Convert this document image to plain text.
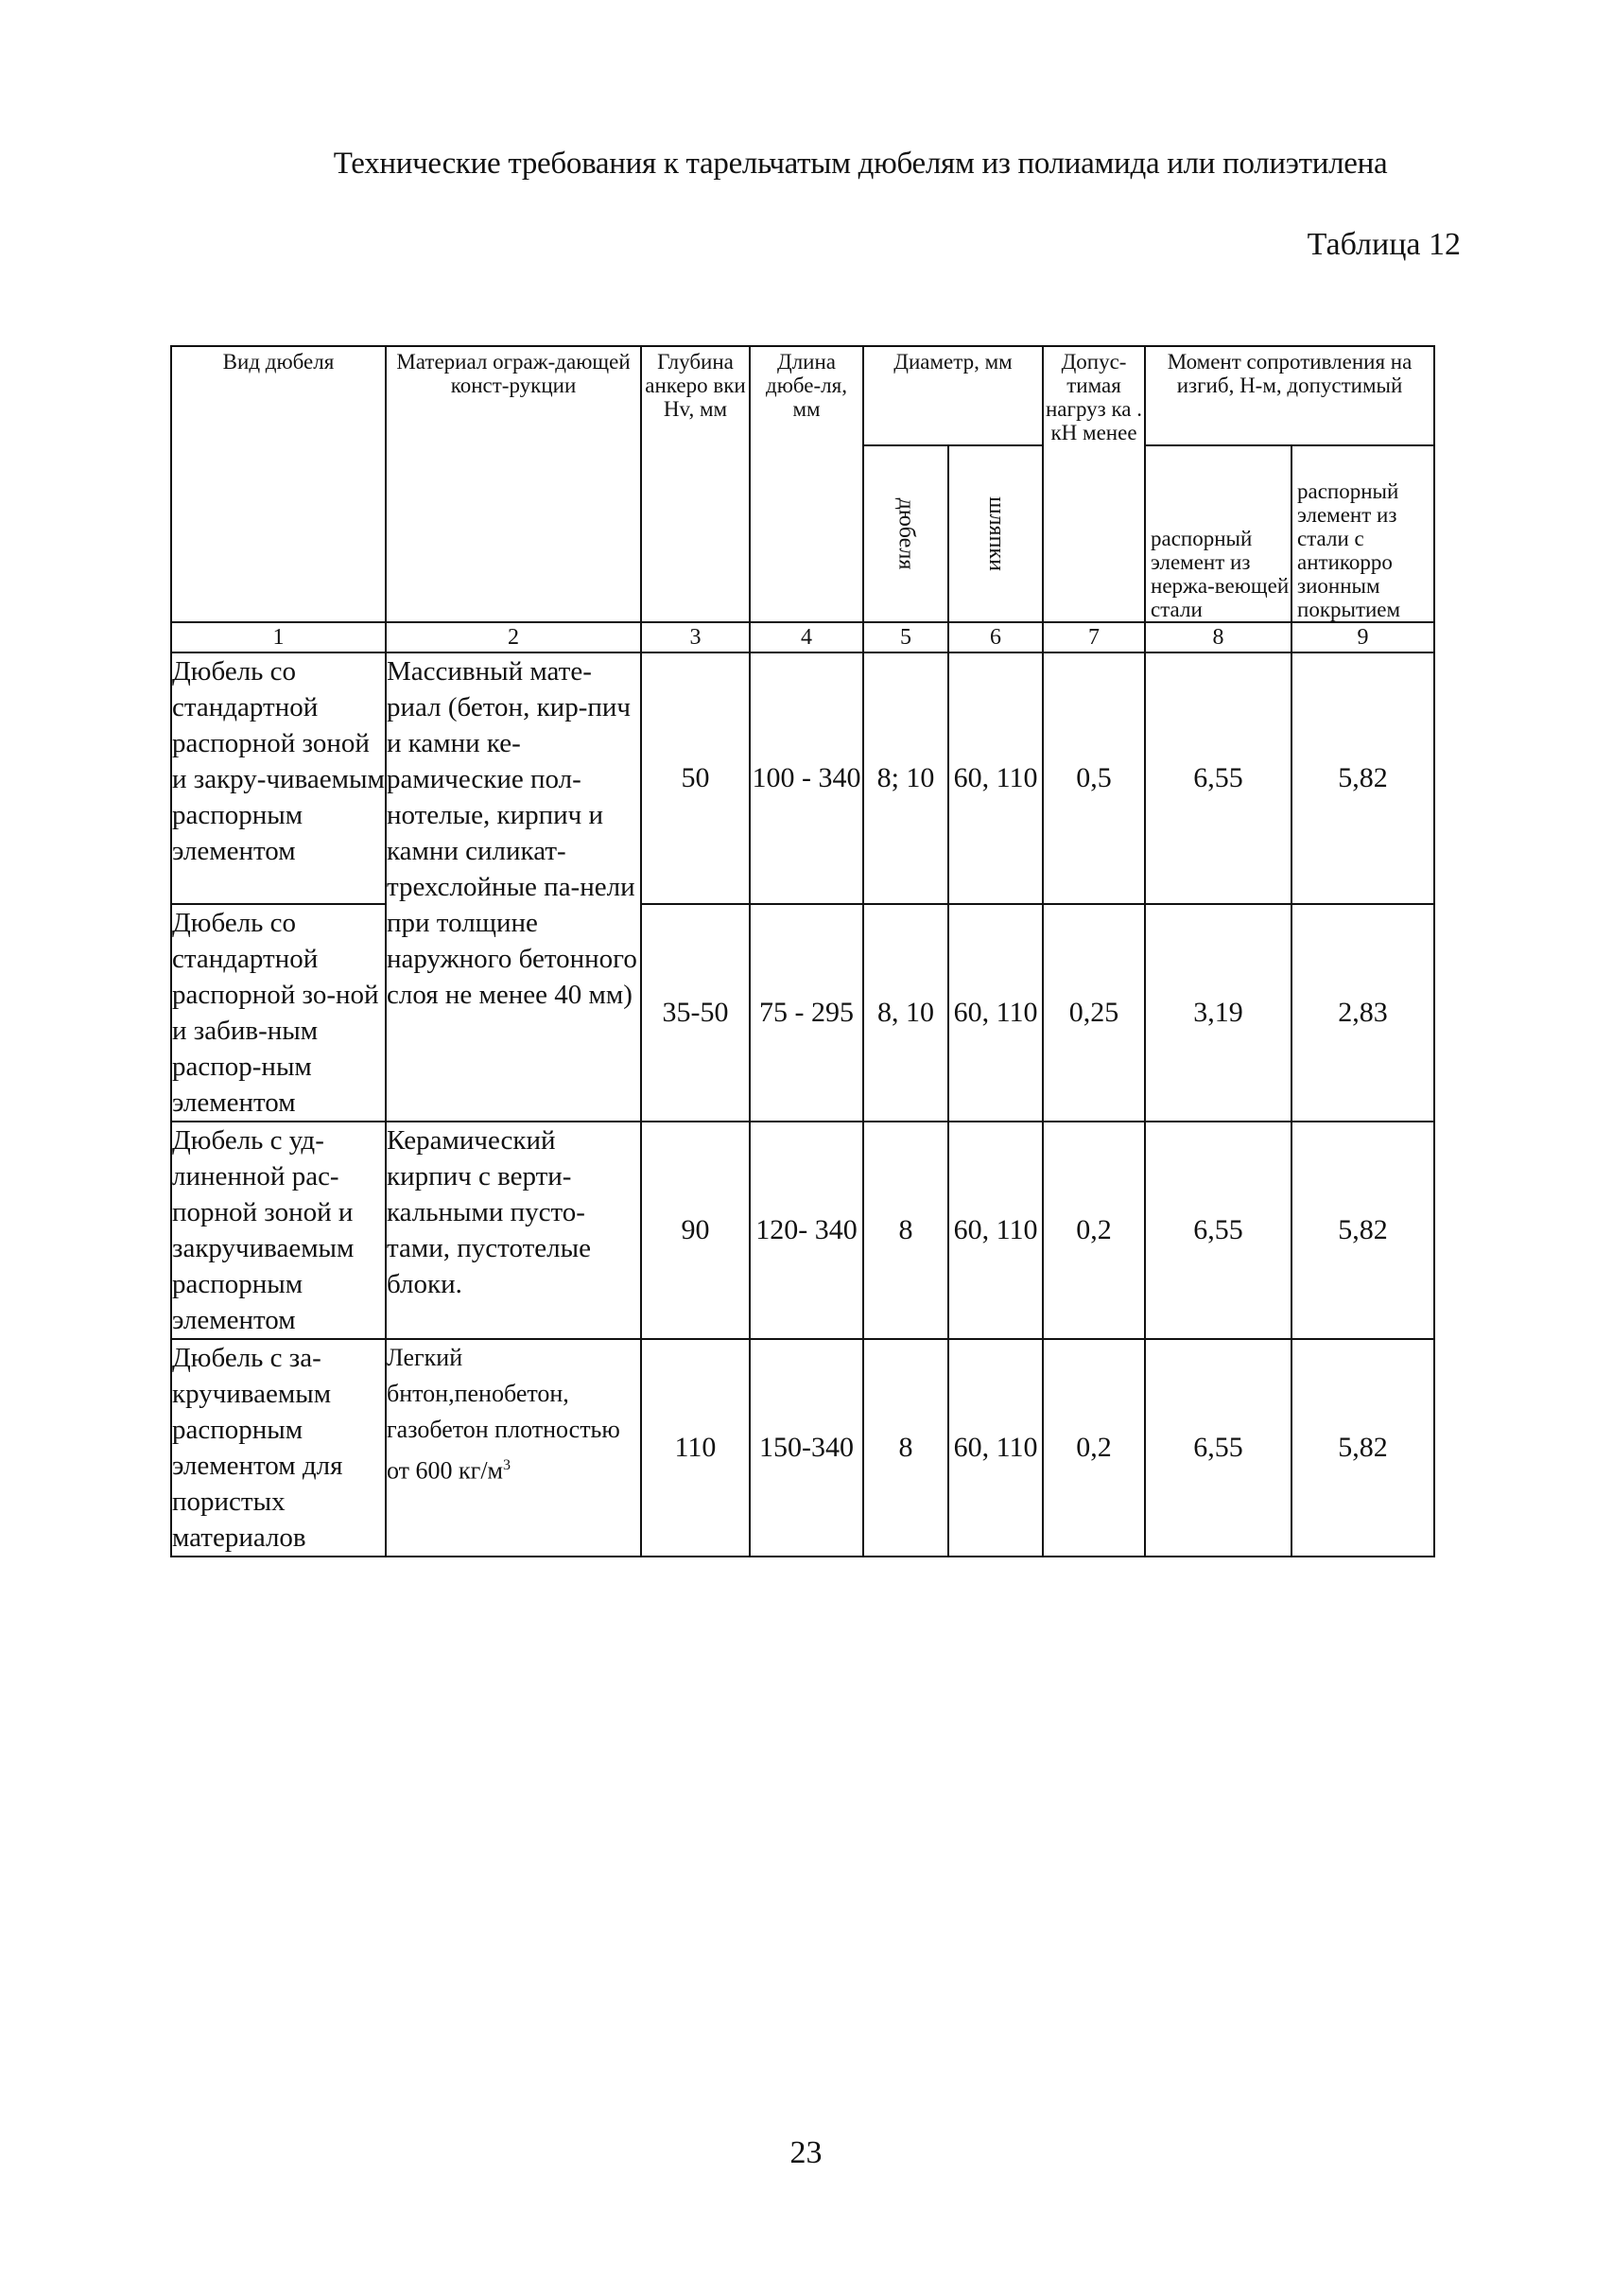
Технические требования к тарельчатым дюбелям из полиамида или полиэтилена
Таблица 12
Вид дюбеля	Материал ограж-дающей конст-рукции	Глубина анкеро вки Hv, мм	Длина дюбе-ля, мм	Диаметр, мм		Допус-тимая нагруз ка . кН менее	Момент сопротивления на изгиб, Н-м, допустимый	

				дюбеля	шляпки		распорный элемент из нержа-веющей стали	распорный элемент из стали с антикорро зионным покрытием
1	2	3	4	5	6	7	8	9
Дюбель со стандартной распорной зоной и закру-чиваемым распорным элементом	Массивный мате-риал (бетон, кир-пич и камни ке-рамические пол-нотелые, кирпич и камни силикат-трехслойные па-нели при толщине наружного бетонного слоя не менее 40 мм)	50	100 - 340	8; 10	60, 110	0,5	6,55	5,82
Дюбель со стандартной распорной зо-ной и забив-ным распор-ным элементом		35-50	75 - 295	8, 10	60, 110	0,25	3,19	2,83
Дюбель с уд-линенной рас-порной зоной и закручиваемым распорным элементом	Керамический кирпич с верти-кальными пусто-тами, пустотелые блоки.	90	120- 340	8	60, 110	0,2	6,55	5,82
Дюбель с за-кручиваемым распорным элементом для пористых материалов	Легкий бнтон,пенобетон, газобетон плотностью от 600 $кг/м^3$	110	150-340	8	60, 110	0,2	6,55	5,82
23
